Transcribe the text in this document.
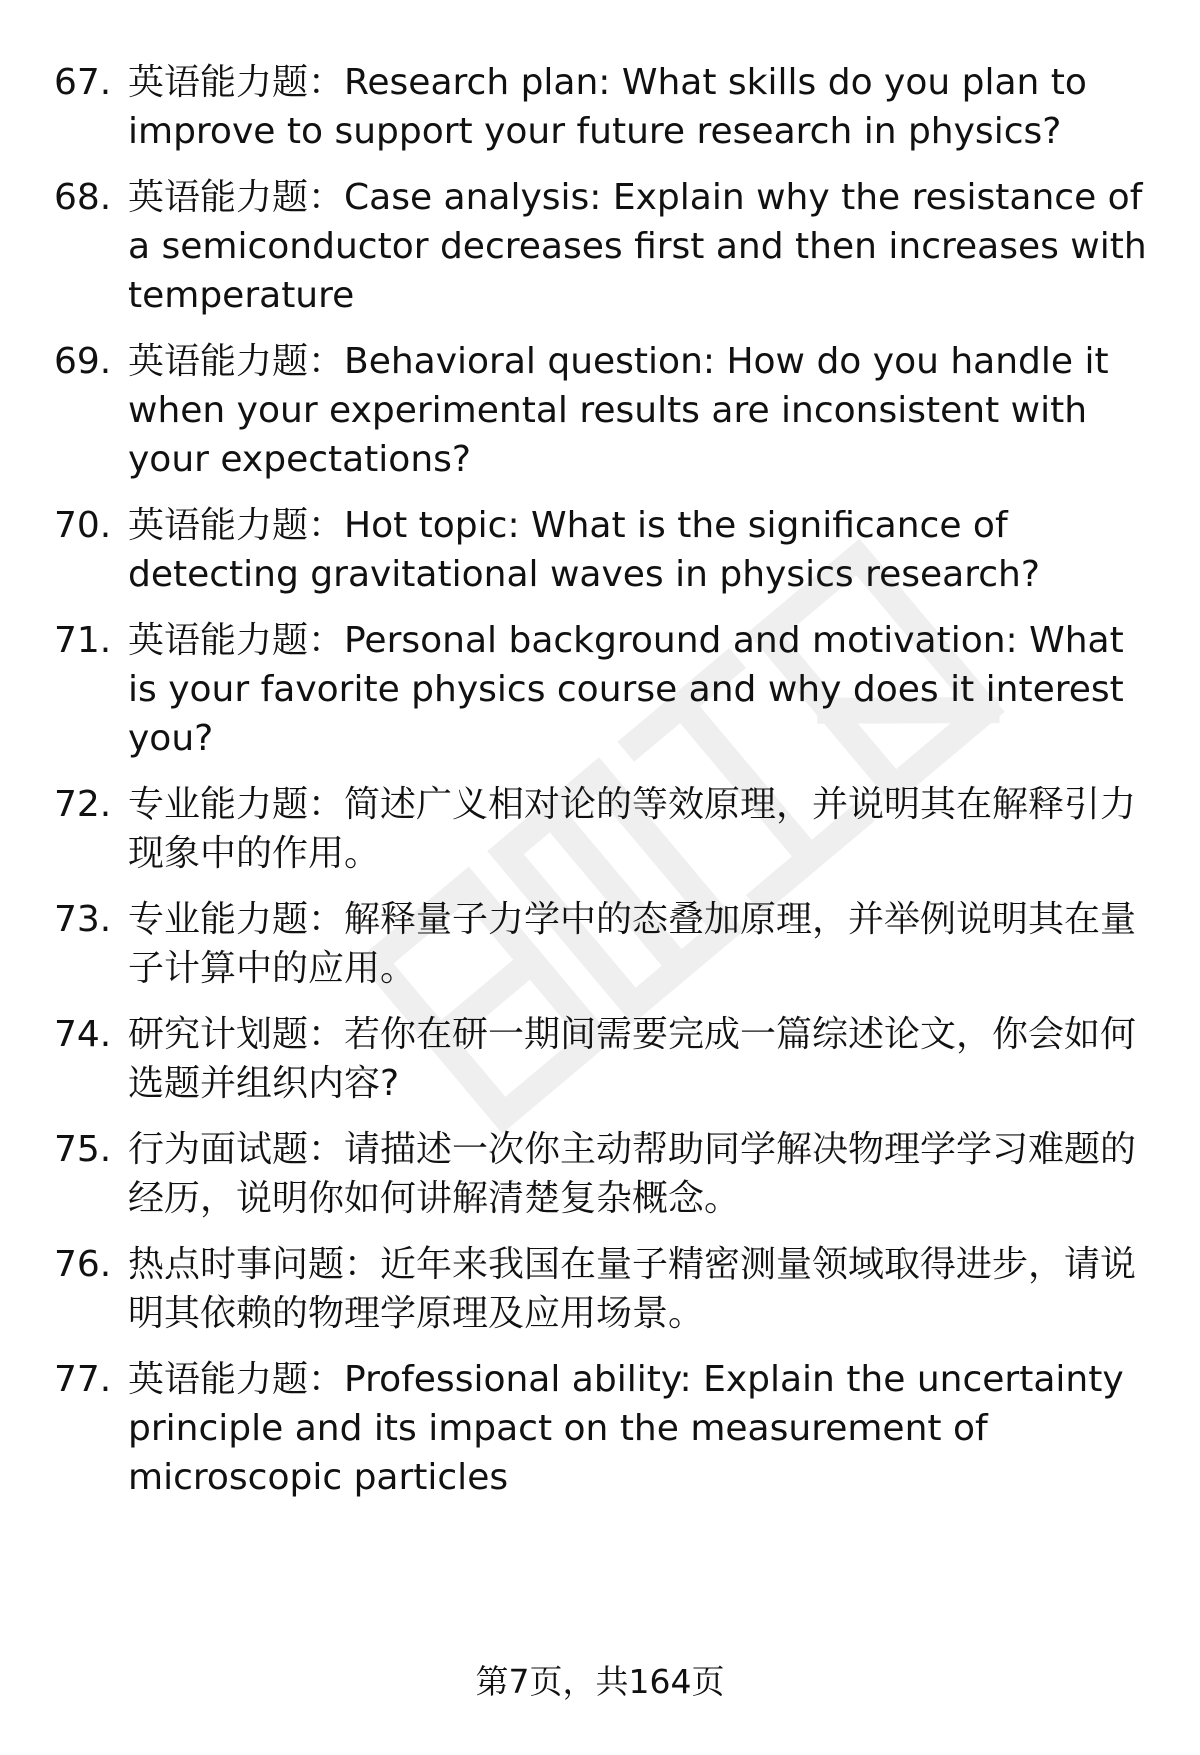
67. 英语能力题：Research plan: What skills do you plan to improve to support your future research in physics?
68. 英语能力题：Case analysis: Explain why the resistance of a semiconductor decreases first and then increases with temperature
69. 英语能力题：Behavioral question: How do you handle it when your experimental results are inconsistent with your expectations?
70. 英语能力题：Hot topic: What is the significance of detecting gravitational waves in physics research?
71. 英语能力题：Personal background and motivation: What is your favorite physics course and why does it interest you?
72. 专业能力题：简述广义相对论的等效原理，并说明其在解释引力现象中的作用。
73. 专业能力题：解释量子力学中的态叠加原理，并举例说明其在量子计算中的应用。
74. 研究计划题：若你在研一期间需要完成一篇综述论文，你会如何选题并组织内容?
75. 行为面试题：请描述一次你主动帮助同学解决物理学学习难题的经历，说明你如何讲解清楚复杂概念。
76. 热点时事问题：近年来我国在量子精密测量领域取得进步，请说明其依赖的物理学原理及应用场景。
77. 英语能力题：Professional ability: Explain the uncertainty principle and its impact on the measurement of microscopic particles
第7页，共164页
